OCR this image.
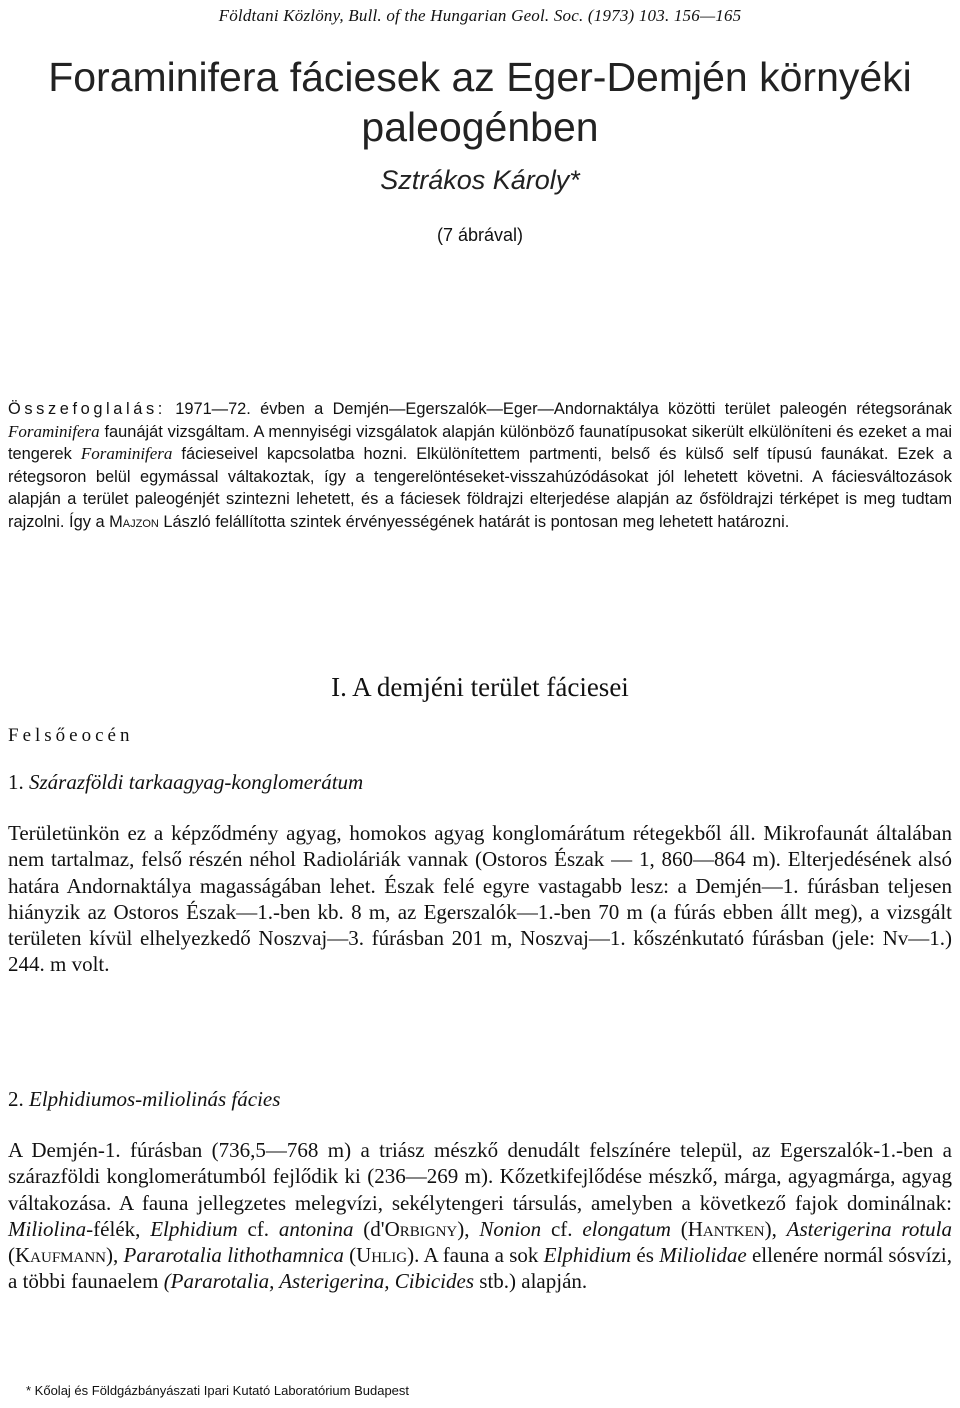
Földtani Közlöny, Bull. of the Hungarian Geol. Soc. (1973) 103. 156—165
Foraminifera fáciesek az Eger-Demjén környéki
paleogénben
Sztrákos Károly*
(7 ábrával)
Összefoglalás: 1971—72. évben a Demjén—Egerszalók—Eger—Andornaktálya közötti terület paleogén rétegsorának Foraminifera faunáját vizsgáltam. A mennyiségi vizsgálatok alapján különböző faunatípusokat sikerült elkülöníteni és ezeket a mai tengerek Foraminifera fácieseivel kapcsolatba hozni. Elkülönítettem partmenti, belső és külső self típusú faunákat. Ezek a rétegsoron belül egymással váltakoztak, így a tengerelöntéseket-visszahúzódásokat jól lehetett követni. A fáciesváltozások alapján a terület paleogénjét szintezni lehetett, és a fáciesek földrajzi elterjedése alapján az ősföldrajzi térképet is meg tudtam rajzolni. Így a Majzon László felállította szintek érvényességének határát is pontosan meg lehetett határozni.
I. A demjéni terület fáciesei
Felsőeocén
1. Szárazföldi tarkaagyag-konglomerátum
Területünkön ez a képződmény agyag, homokos agyag konglomárátum rétegekből áll. Mikrofaunát általában nem tartalmaz, felső részén néhol Radioláriák vannak (Ostoros Észak — 1, 860—864 m). Elterjedésének alsó határa Andornaktálya magasságában lehet. Észak felé egyre vastagabb lesz: a Demjén—1. fúrásban teljesen hiányzik az Ostoros Észak—1.-ben kb. 8 m, az Egerszalók—1.-ben 70 m (a fúrás ebben állt meg), a vizsgált területen kívül elhelyezkedő Noszvaj—3. fúrásban 201 m, Noszvaj—1. kőszénkutató fúrásban (jele: Nv—1.) 244. m volt.
2. Elphidiumos-miliolinás fácies
A Demjén-1. fúrásban (736,5—768 m) a triász mészkő denudált felszínére települ, az Egerszalók-1.-ben a szárazföldi konglomerátumból fejlődik ki (236—269 m). Kőzetkifejlődése mészkő, márga, agyagmárga, agyag váltakozása. A fauna jellegzetes melegvízi, sekélytengeri társulás, amelyben a következő fajok dominálnak: Miliolina-félék, Elphidium cf. antonina (d'Orbigny), Nonion cf. elongatum (Hantken), Asterigerina rotula (Kaufmann), Pararotalia lithothamnica (Uhlig). A fauna a sok Elphidium és Miliolidae ellenére normál sósvízi, a többi faunaelem (Pararotalia, Asterigerina, Cibicides stb.) alapján.
* Kőolaj és Földgázbányászati Ipari Kutató Laboratórium Budapest
